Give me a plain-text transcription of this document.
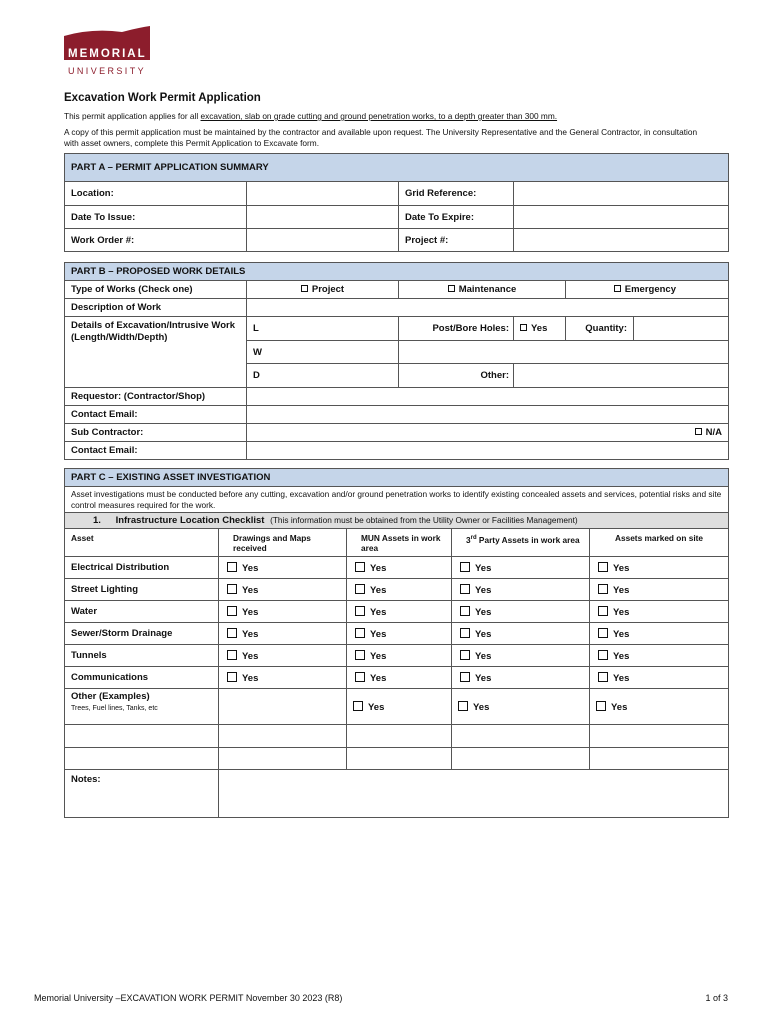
MEMORIAL
UNIVERSITY
Excavation Work Permit Application
This permit application applies for all excavation, slab on grade cutting and ground penetration works, to a depth greater than 300 mm.
A copy of this permit application must be maintained by the contractor and available upon request. The University Representative and the General Contractor, in consultation with asset owners, complete this Permit Application to Excavate form.
PART A – PERMIT APPLICATION SUMMARY			
Location:		Grid Reference:	
Date To Issue:		Date To Expire:	
Work Order #:		Project #:	
PART B – PROPOSED WORK DETAILS					
Type of Works (Check one)	Project	Maintenance		Emergency	
Description of Work					
Details of Excavation/Intrusive Work (Length/Width/Depth)	L	Post/Bore Holes:	Yes	Quantity:	
	W				
	D	Other:			
Requestor: (Contractor/Shop)					
Contact Email:					
Sub Contractor:	N/A				
Contact Email:					
PART C – EXISTING ASSET INVESTIGATION				
Asset investigations must be conducted before any cutting, excavation and/or ground penetration works to identify existing concealed assets and services, potential risks and site control measures required for the work.				
1. Infrastructure Location Checklist (This information must be obtained from the Utility Owner or Facilities Management)				
Asset	Drawings and Maps received	MUN Assets in work area	3rd Party Assets in work area	Assets marked on site
Electrical Distribution	Yes	Yes	Yes	Yes
Street Lighting	Yes	Yes	Yes	Yes
Water	Yes	Yes	Yes	Yes
Sewer/Storm Drainage	Yes	Yes	Yes	Yes
Tunnels	Yes	Yes	Yes	Yes
Communications	Yes	Yes	Yes	Yes
Other (Examples)
Trees, Fuel lines, Tanks, etc		Yes	Yes	Yes

Notes:				
Memorial University –EXCAVATION WORK PERMIT November 30 2023 (R8)	1 of 3
